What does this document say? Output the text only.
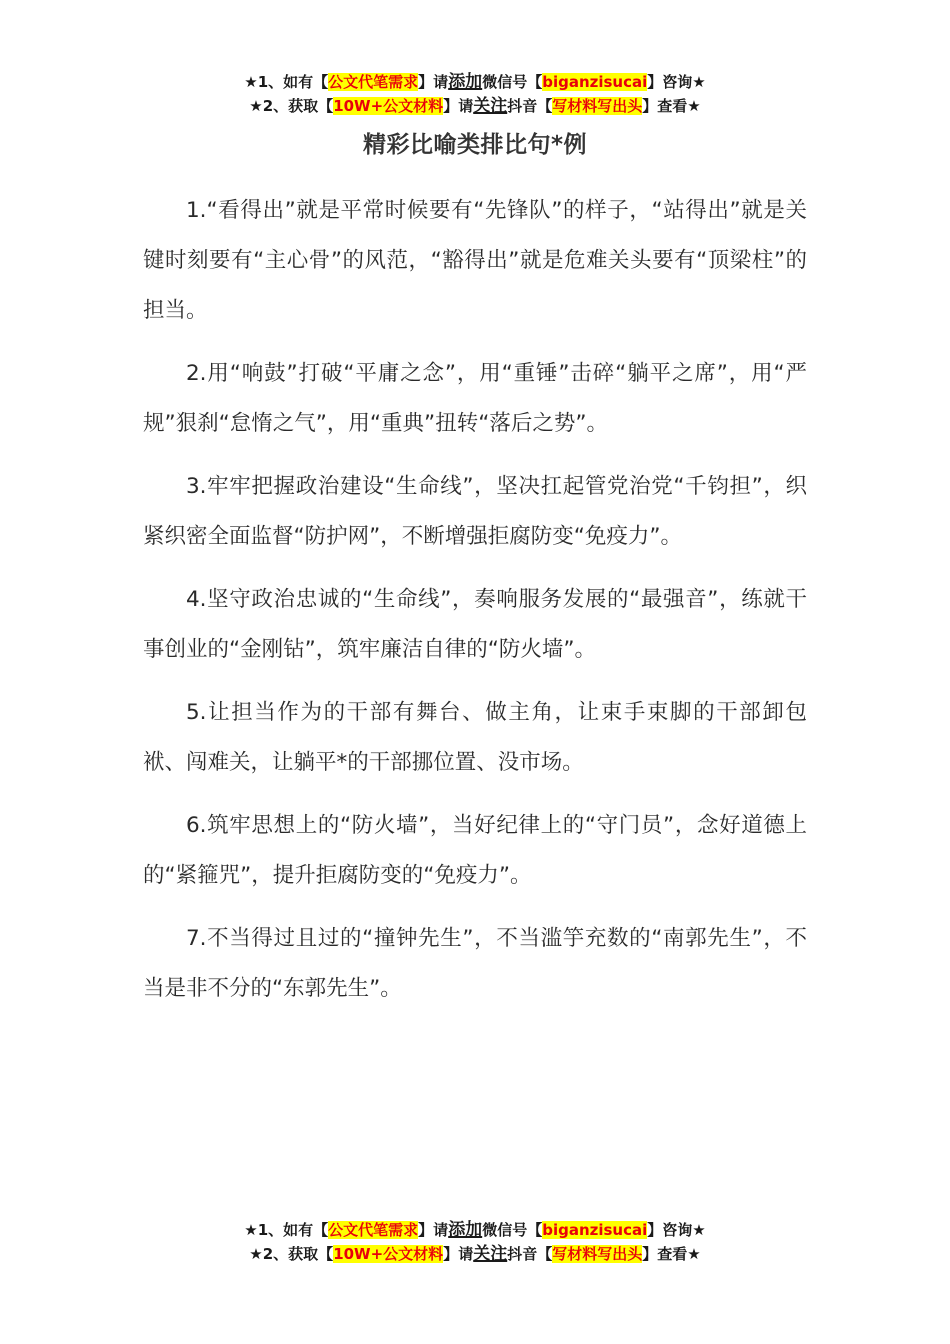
★1、如有【公文代笔需求】请添加微信号【biganzisucai】咨询★
★2、获取【10W+公文材料】请关注抖音【写材料写出头】查看★
精彩比喻类排比句*例

1.“看得出”就是平常时候要有“先锋队”的样子，“站得出”就是关键时刻要有“主心骨”的风范，“豁得出”就是危难关头要有“顶梁柱”的担当。

2.用“响鼓”打破“平庸之念”，用“重锤”击碎“躺平之席”，用“严规”狠刹“怠惰之气”，用“重典”扭转“落后之势”。

3.牢牢把握政治建设“生命线”，坚决扛起管党治党“千钧担”，织紧织密全面监督“防护网”，不断增强拒腐防变“免疫力”。

4.坚守政治忠诚的“生命线”，奏响服务发展的“最强音”，练就干事创业的“金刚钻”，筑牢廉洁自律的“防火墙”。

5.让担当作为的干部有舞台、做主角，让束手束脚的干部卸包袱、闯难关，让躺平*的干部挪位置、没市场。

6.筑牢思想上的“防火墙”，当好纪律上的“守门员”，念好道德上的“紧箍咒”，提升拒腐防变的“免疫力”。

7.不当得过且过的“撞钟先生”，不当滥竽充数的“南郭先生”，不当是非不分的“东郭先生”。

★1、如有【公文代笔需求】请添加微信号【biganzisucai】咨询★
★2、获取【10W+公文材料】请关注抖音【写材料写出头】查看★
